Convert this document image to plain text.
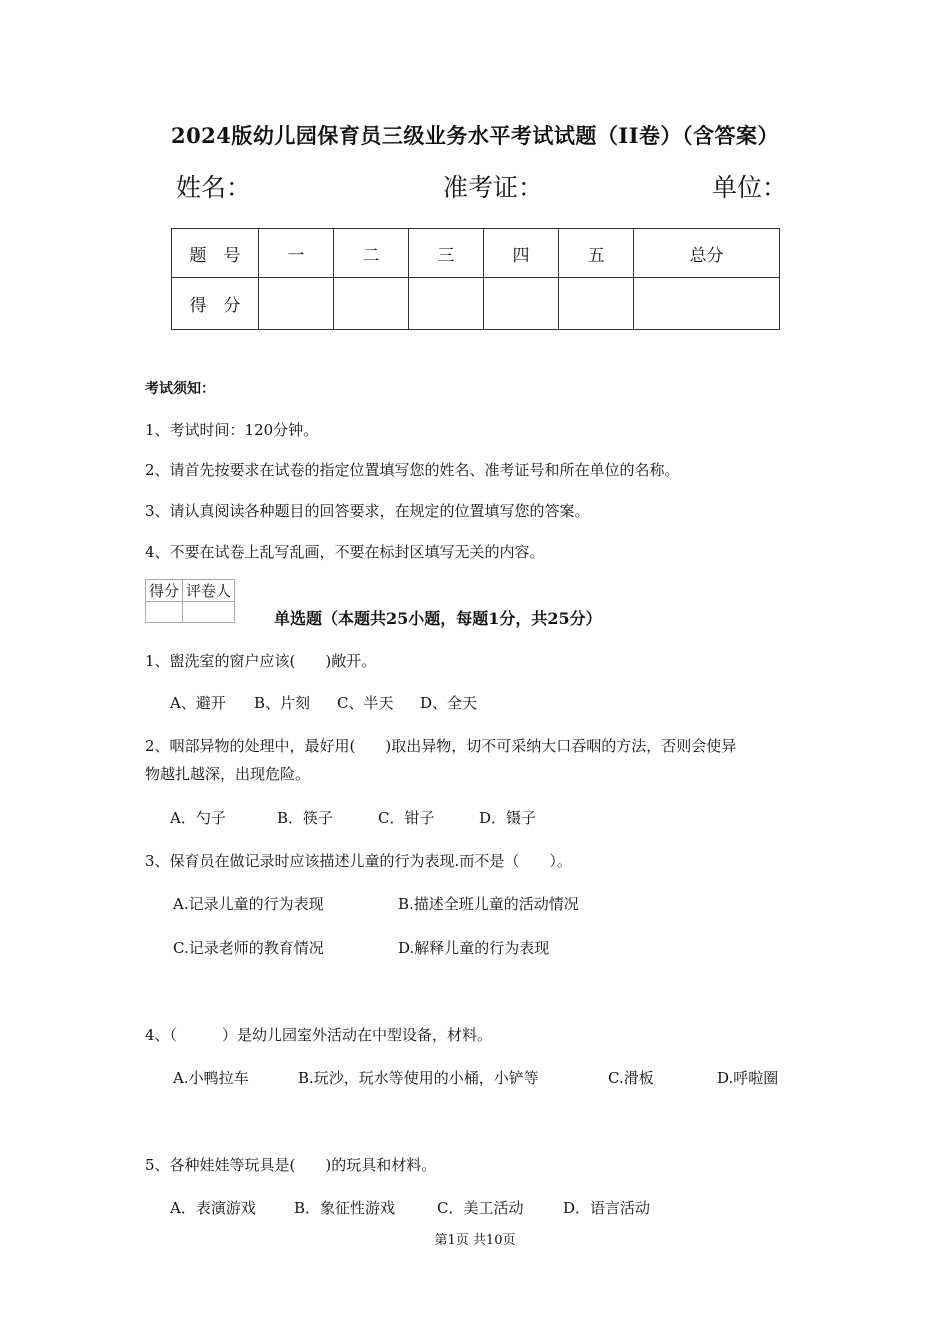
2024版幼儿园保育员三级业务水平考试试题（II卷）（含答案）
姓名：	准考证：	单位：
题　号	一	二	三	四	五	总分
得　分						
考试须知：
1、考试时间：120分钟。
2、请首先按要求在试卷的指定位置填写您的姓名、准考证号和所在单位的名称。
3、请认真阅读各种题目的回答要求，在规定的位置填写您的答案。
4、不要在试卷上乱写乱画，不要在标封区填写无关的内容。
得分	评卷人

单选题（本题共25小题，每题1分，共25分）
1、盥洗室的窗户应该(　　)敞开。
A、避开 B、片刻 C、半天 D、全天
2、咽部异物的处理中，最好用(　　)取出异物，切不可采纳大口吞咽的方法，否则会使异
物越扎越深，出现危险。
A．勺子	B．筷子	C．钳子	D．镊子
3、保育员在做记录时应该描述儿童的行为表现.而不是（　　）。
A.记录儿童的行为表现	B.描述全班儿童的活动情况
C.记录老师的教育情况	D.解释儿童的行为表现
4、（　　　）是幼儿园室外活动在中型设备，材料。
A.小鸭拉车	B.玩沙，玩水等使用的小桶，小铲等	C.滑板	D.呼啦圈
5、各种娃娃等玩具是(　　)的玩具和材料。
A．表演游戏	B．象征性游戏	C．美工活动	D．语言活动
第1页 共10页
